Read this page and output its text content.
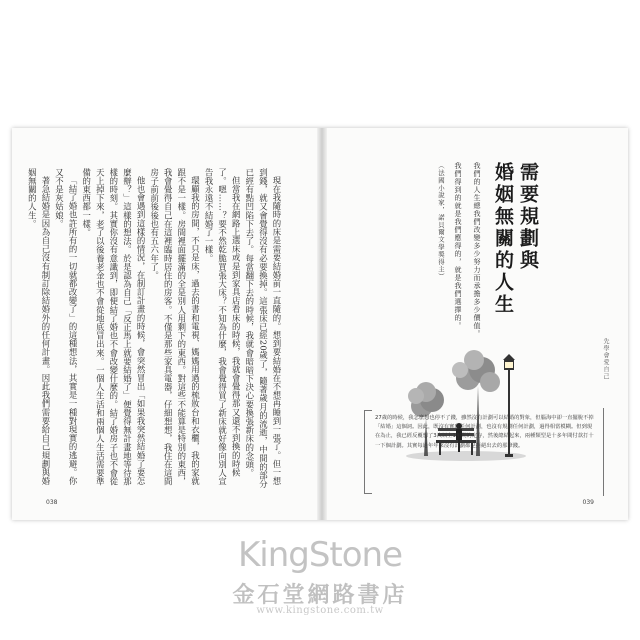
現在我隨時的床是需要結婚前一直隨的。想到要結婚在不想再睡到一張了。但一想到錢，就又會覺得沒有必要換掉。這張床已經20歲了，隨著歲月的流逝，中間的部分已經有點凹陷下去了。每當翻下去的時候，我就會暗暗下決心要換張新床的念頭。

但當我在網路上選床或是到家具店看床的時候，我就會覺得那又還不到換的時候了。嗯……？要不然乾脆買張大床？不知為什麼，我會覺得買了新床就好像向別人宣告我永遠不結婚了一樣。

環顧我的房間，不只是床，過去的書和電視、媽媽用過的梳妝台和衣櫃，我的家就跟不是一樣。房間裡面擺滿的全是別人用剩下的東西。對這些不能算是特別的東西，我會覺得自己在這裡臨時居住的房客。不僅是那些家具電器，仔細想想，我住在這間房子前前後後也有五六年了。

他也會遇到這樣的情況，在制訂計畫的時候，會突然冒出「如果我突然結婚了要怎麼辦？」這樣的想法。於是認為自己「反正馬上就要結婚了」便覺得無計畫地等待那樣的時刻。其實你沒有意識到，即便結了婚也不會改變什麼的。結了婚房子也不會從天上掉下來，老了以後養老金也不會從地底冒出來。一個人生活和兩個人生活需要準備的東西都一樣。

「結了婚也許所有的一切就都改變了」的這種想法，其實是一種對現實的逃避。你又不是灰姑娘。

著急結婚是因為自己沒有制訂除結婚外的任何計畫。因此我們需要給自己規劃與婚姻無關的人生。

038
需要規劃與
婚姻無關的人生
我們的人生總我們改變多少努力而承擔多少價值。
我們得到的就是我們應得的，就是我們選擇的。
（法國小說家，諾貝爾文學獎得主）
先學會愛自己

27歲的時候，我怎麼想也停不了錢，雖然沒有計劃可以結婚的對象，但腦海中卻一直擺脫不掉「結婚」這個詞。因此，既沒有實現任何計劃，也沒有規劃任何計劃，過得相當模糊。但到現在為止，我已經反覆想了3次以上1年期的定存，然後總結起來，兩種類型是十多年間付款打十一下個計劃。其實每過年年來沒有計劃都是拒絕出去的那筆錢。

039
KingStone
金石堂網路書店
www.kingstone.com.tw
